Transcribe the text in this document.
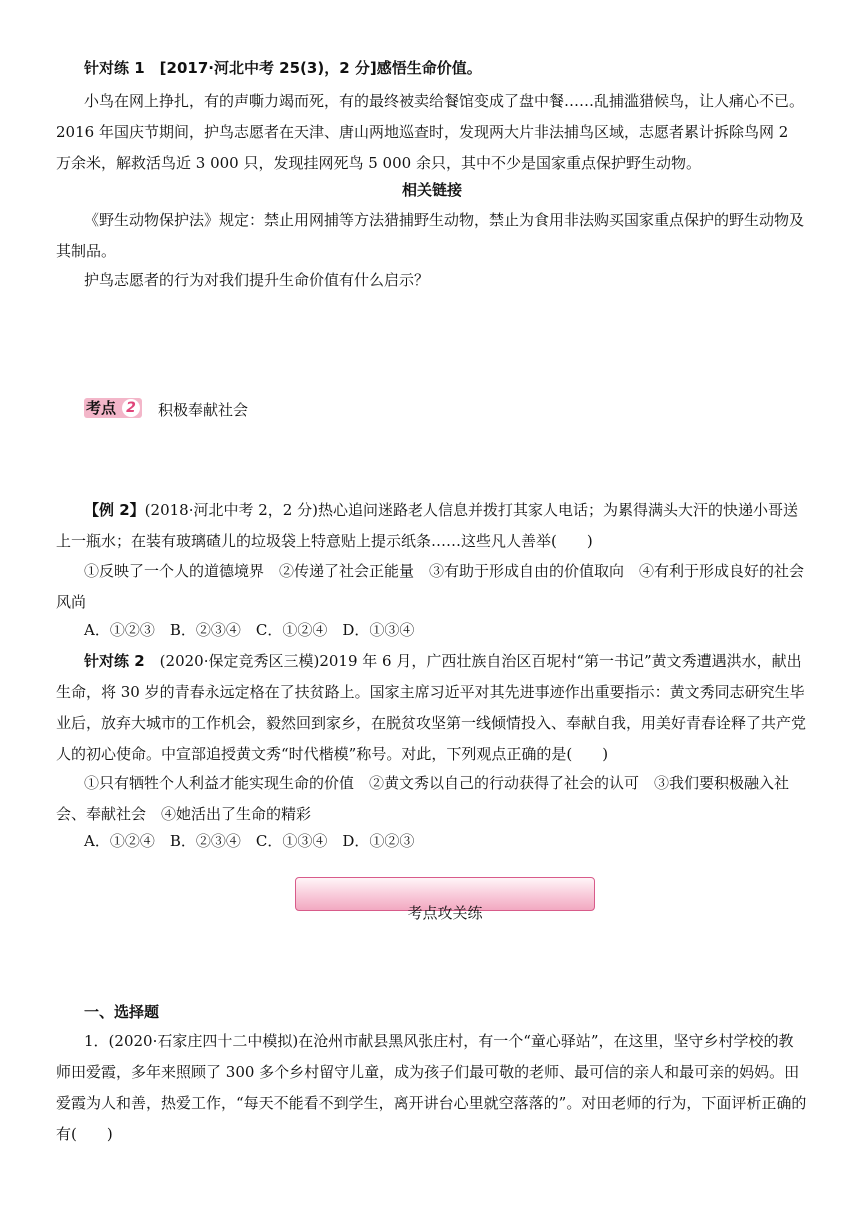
针对练 1　[2017·河北中考 25(3)，2 分]感悟生命价值。
小鸟在网上挣扎，有的声嘶力竭而死，有的最终被卖给餐馆变成了盘中餐……乱捕滥猎候鸟，让人痛心不已。2016 年国庆节期间，护鸟志愿者在天津、唐山两地巡查时，发现两大片非法捕鸟区域，志愿者累计拆除鸟网 2 万余米，解救活鸟近 3 000 只，发现挂网死鸟 5 000 余只，其中不少是国家重点保护野生动物。
相关链接
《野生动物保护法》规定：禁止用网捕等方法猎捕野生动物，禁止为食用非法购买国家重点保护的野生动物及其制品。
护鸟志愿者的行为对我们提升生命价值有什么启示？
考点 2 积极奉献社会
【例 2】(2018·河北中考 2，2 分)热心追问迷路老人信息并拨打其家人电话；为累得满头大汗的快递小哥送上一瓶水；在装有玻璃碴儿的垃圾袋上特意贴上提示纸条……这些凡人善举(　　)
①反映了一个人的道德境界　②传递了社会正能量　③有助于形成自由的价值取向　④有利于形成良好的社会风尚
A．①②③　B．②③④　C．①②④　D．①③④
针对练 2　(2020·保定竞秀区三模)2019 年 6 月，广西壮族自治区百坭村“第一书记”黄文秀遭遇洪水，献出生命，将 30 岁的青春永远定格在了扶贫路上。国家主席习近平对其先进事迹作出重要指示：黄文秀同志研究生毕业后，放弃大城市的工作机会，毅然回到家乡，在脱贫攻坚第一线倾情投入、奉献自我，用美好青春诠释了共产党人的初心使命。中宣部追授黄文秀“时代楷模”称号。对此，下列观点正确的是(　　)
①只有牺牲个人利益才能实现生命的价值　②黄文秀以自己的行动获得了社会的认可　③我们要积极融入社会、奉献社会　④她活出了生命的精彩
A．①②④　B．②③④　C．①③④　D．①②③
考点攻关练
一、选择题
1．(2020·石家庄四十二中模拟)在沧州市献县黑风张庄村，有一个“童心驿站”，在这里，坚守乡村学校的教师田爱霞，多年来照顾了 300 多个乡村留守儿童，成为孩子们最可敬的老师、最可信的亲人和最可亲的妈妈。田爱霞为人和善，热爱工作，“每天不能看不到学生，离开讲台心里就空落落的”。对田老师的行为，下面评析正确的有(　　)
